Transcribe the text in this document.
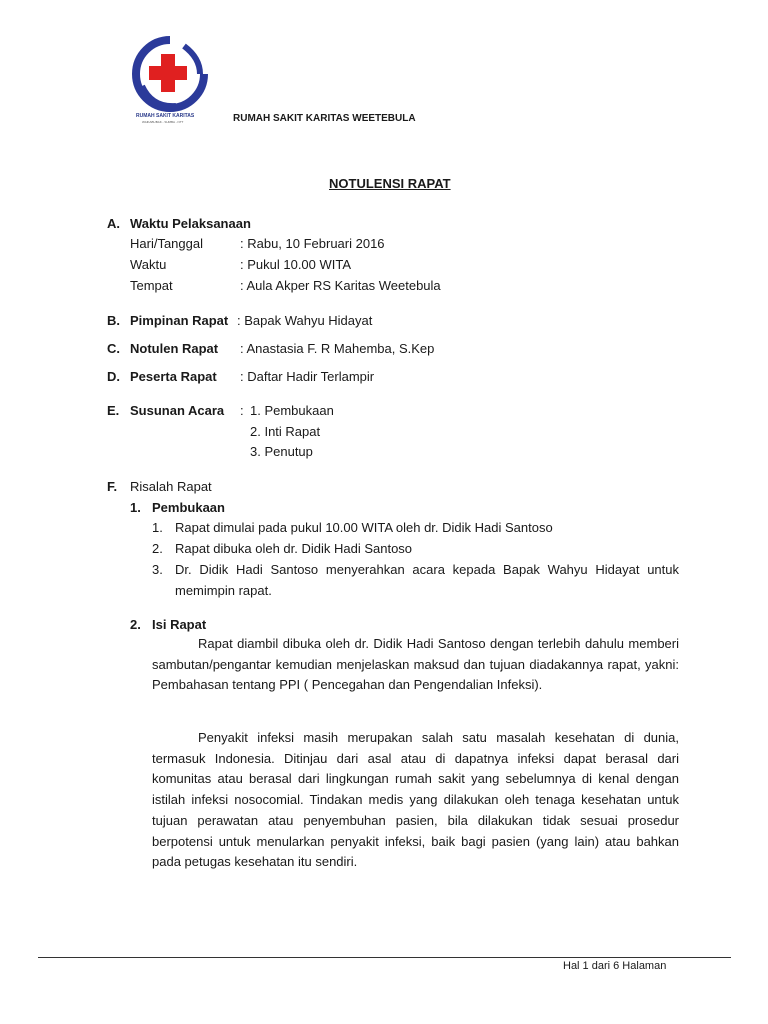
RUMAH SAKIT KARITAS
WAIKABUBAK - SUMBA - NTT	RUMAH SAKIT KARITAS WEETEBULA
NOTULENSI RAPAT
A. Waktu Pelaksanaan
Hari/Tanggal	: Rabu, 10 Februari 2016
Waktu	: Pukul 10.00 WITA
Tempat	: Aula Akper RS Karitas Weetebula
B. Pimpinan Rapat : Bapak Wahyu Hidayat
C. Notulen Rapat : Anastasia F. R Mahemba, S.Kep
D. Peserta Rapat : Daftar Hadir Terlampir
E. Susunan Acara : 1. Pembukaan
2. Inti Rapat
3. Penutup
F. Risalah Rapat
1. Pembukaan
1. Rapat dimulai pada pukul 10.00 WITA oleh dr. Didik Hadi Santoso
2. Rapat dibuka oleh dr. Didik Hadi Santoso
3. Dr. Didik Hadi Santoso menyerahkan acara kepada Bapak Wahyu Hidayat untuk
memimpin rapat.
2. Isi Rapat
Rapat diambil dibuka oleh dr. Didik Hadi Santoso dengan terlebih dahulu memberi sambutan/pengantar kemudian menjelaskan maksud dan tujuan diadakannya rapat, yakni: Pembahasan tentang PPI ( Pencegahan dan Pengendalian Infeksi).
Penyakit infeksi masih merupakan salah satu masalah kesehatan di dunia, termasuk Indonesia. Ditinjau dari asal atau di dapatnya infeksi dapat berasal dari komunitas atau berasal dari lingkungan rumah sakit yang sebelumnya di kenal dengan istilah infeksi nosocomial. Tindakan medis yang dilakukan oleh tenaga kesehatan untuk tujuan perawatan atau penyembuhan pasien, bila dilakukan tidak sesuai prosedur berpotensi untuk menularkan penyakit infeksi, baik bagi pasien (yang lain) atau bahkan pada petugas kesehatan itu sendiri.
Hal 1 dari 6 Halaman
